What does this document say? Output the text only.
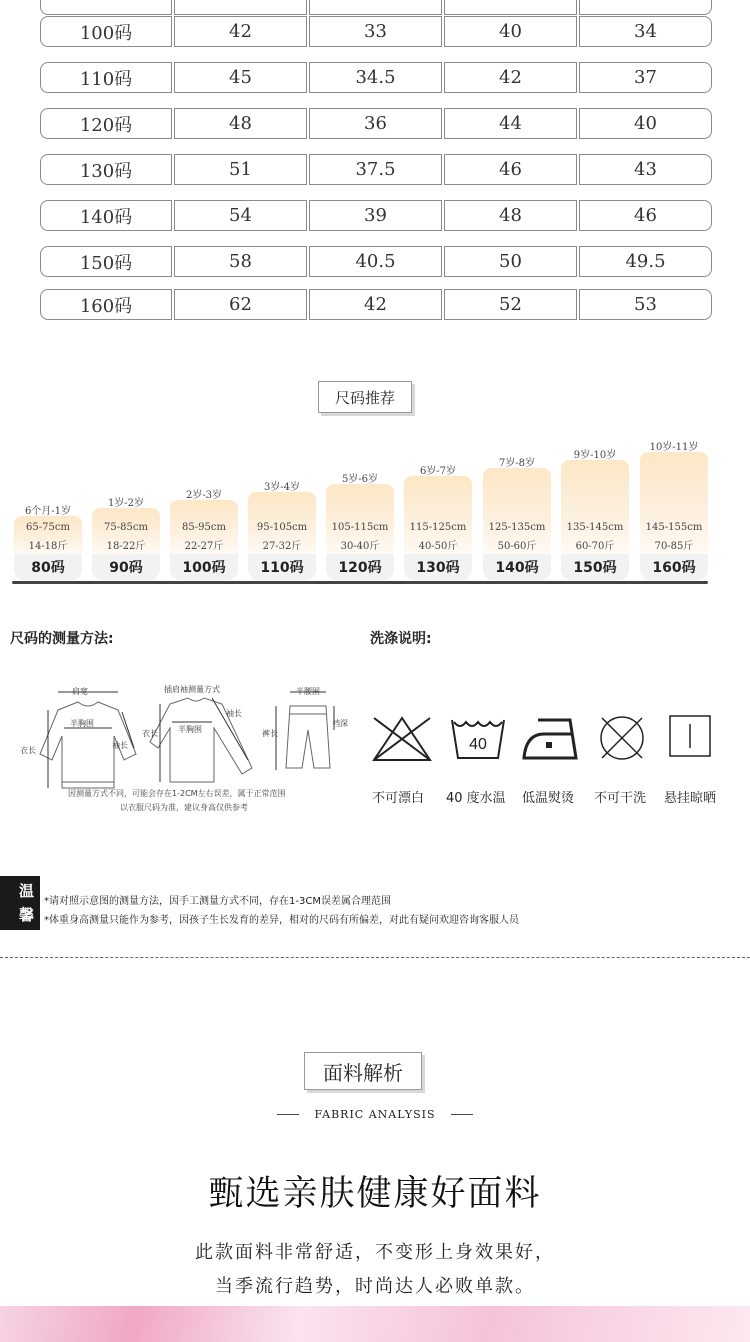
100码	42	33	40	34
110码	45	34.5	42	37
120码	48	36	44	40
130码	51	37.5	46	43
140码	54	39	48	46
150码	58	40.5	50	49.5
160码	62	42	52	53
尺码推荐
6个月-1岁
65-75cm
14-18斤
80码
1岁-2岁
75-85cm
18-22斤
90码
2岁-3岁
85-95cm
22-27斤
100码
3岁-4岁
95-105cm
27-32斤
110码
5岁-6岁
105-115cm
30-40斤
120码
6岁-7岁
115-125cm
40-50斤
130码
7岁-8岁
125-135cm
50-60斤
140码
9岁-10岁
135-145cm
60-70斤
150码
10岁-11岁
145-155cm
70-85斤
160码
尺码的测量方法:
肩宽
半胸围
衣长
袖长
插肩袖测量方式
半胸围
衣长
袖长
半腰围
裤长
裆深
因测量方式不同，可能会存在1-2CM左右误差，属于正常范围
以衣服尺码为准，建议身高仅供参考
洗涤说明:
40
不可漂白 40 度水温 低温熨烫 不可干洗 悬挂晾晒
温 馨
提 示
*请对照示意图的测量方法，因手工测量方式不同，存在1-3CM误差属合理范围
*体重身高测量只能作为参考，因孩子生长发育的差异，相对的尺码有所偏差，对此有疑问欢迎咨询客服人员
面料解析
FABRIC ANALYSIS
甄选亲肤健康好面料
此款面料非常舒适，不变形上身效果好，
当季流行趋势，时尚达人必败单款。
